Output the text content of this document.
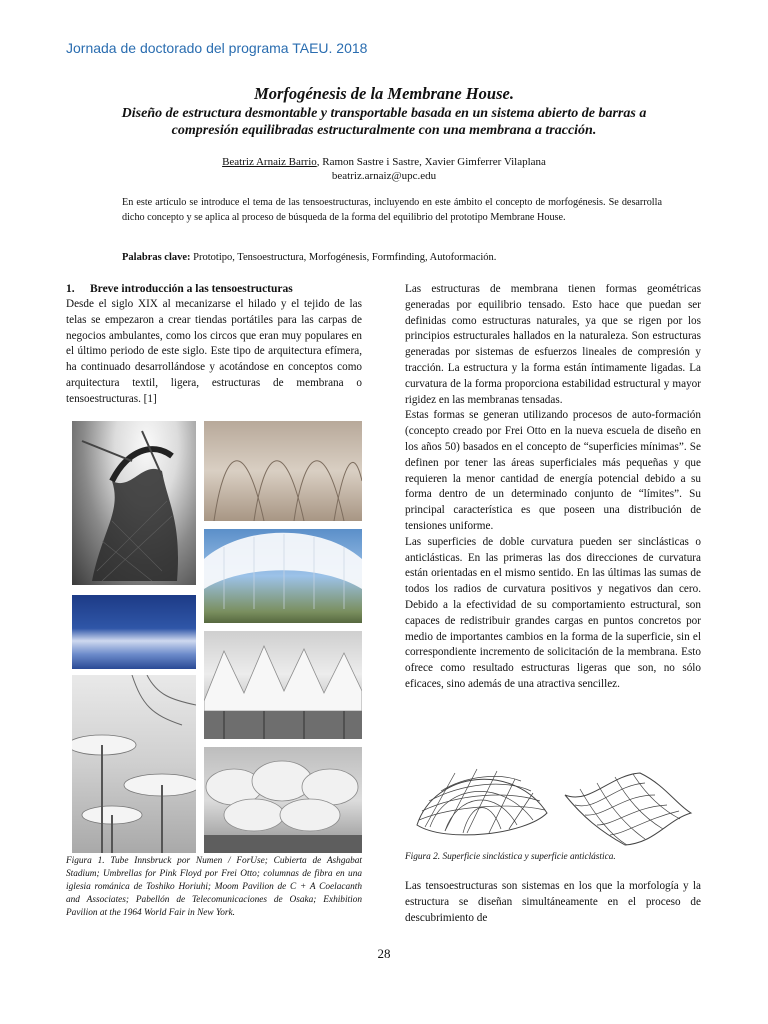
Jornada de doctorado del programa TAEU. 2018
Morfogénesis de la Membrane House.
Diseño de estructura desmontable y transportable basada en un sistema abierto de barras a
compresión equilibradas estructuralmente con una membrana a tracción.
Beatriz Arnaiz Barrio, Ramon Sastre i Sastre, Xavier Gimferrer Vilaplana
beatriz.arnaiz@upc.edu
En este artículo se introduce el tema de las tensoestructuras, incluyendo en este ámbito el concepto de morfogénesis. Se desarrolla dicho concepto y se aplica al proceso de búsqueda de la forma del equilibrio del prototipo Membrane House.
Palabras clave: Prototipo, Tensoestructura, Morfogénesis, Formfinding, Autoformación.
1. Breve introducción a las tensoestructuras
Desde el siglo XIX al mecanizarse el hilado y el tejido de las telas se empezaron a crear tiendas portátiles para las carpas de negocios ambulantes, como los circos que eran muy populares en el último periodo de este siglo. Este tipo de arquitectura efímera, ha continuado desarrollándose y acotándose en conceptos como arquitectura textil, ligera, estructuras de membrana o tensoestructuras. [1]
Figura 1. Tube Innsbruck por Numen / ForUse; Cubierta de Ashgabat Stadium; Umbrellas for Pink Floyd por Frei Otto; columnas de fibra en una iglesia románica de Toshiko Horiuhi; Moom Pavilion de C + A Coelacanth and Associates; Pabellón de Telecomunicaciones de Osaka; Exhibition Pavilion at the 1964 World Fair in New York.
Las estructuras de membrana tienen formas geométricas generadas por equilibrio tensado. Esto hace que puedan ser definidas como estructuras naturales, ya que se rigen por los principios estructurales hallados en la naturaleza. Son estructuras generadas por sistemas de esfuerzos lineales de compresión y tracción. La estructura y la forma están íntimamente ligadas. La curvatura de la forma proporciona estabilidad estructural y mayor rigidez en las membranas tensadas.
Estas formas se generan utilizando procesos de auto-formación (concepto creado por Frei Otto en la nueva escuela de diseño en los años 50) basados en el concepto de “superficies mínimas”. Se definen por tener las áreas superficiales más pequeñas y que requieren la menor cantidad de energía potencial debido a su forma dentro de un determinado conjunto de “límites”. Su principal característica es que poseen una distribución de tensiones uniforme.
Las superficies de doble curvatura pueden ser sinclásticas o anticlásticas. En las primeras las dos direcciones de curvatura están orientadas en el mismo sentido. En las últimas las sumas de todos los radios de curvatura positivos y negativos dan cero. Debido a la efectividad de su comportamiento estructural, son capaces de redistribuir grandes cargas en puntos concretos por medio de importantes cambios en la forma de la superficie, sin el correspondiente incremento de solicitación de la membrana. Esto ofrece como resultado estructuras ligeras que son, no sólo eficaces, sino además de una atractiva sencillez.
Figura 2. Superficie sinclástica y superficie anticlástica.
Las tensoestructuras son sistemas en los que la morfología y la estructura se diseñan simultáneamente en el proceso de descubrimiento de
28
